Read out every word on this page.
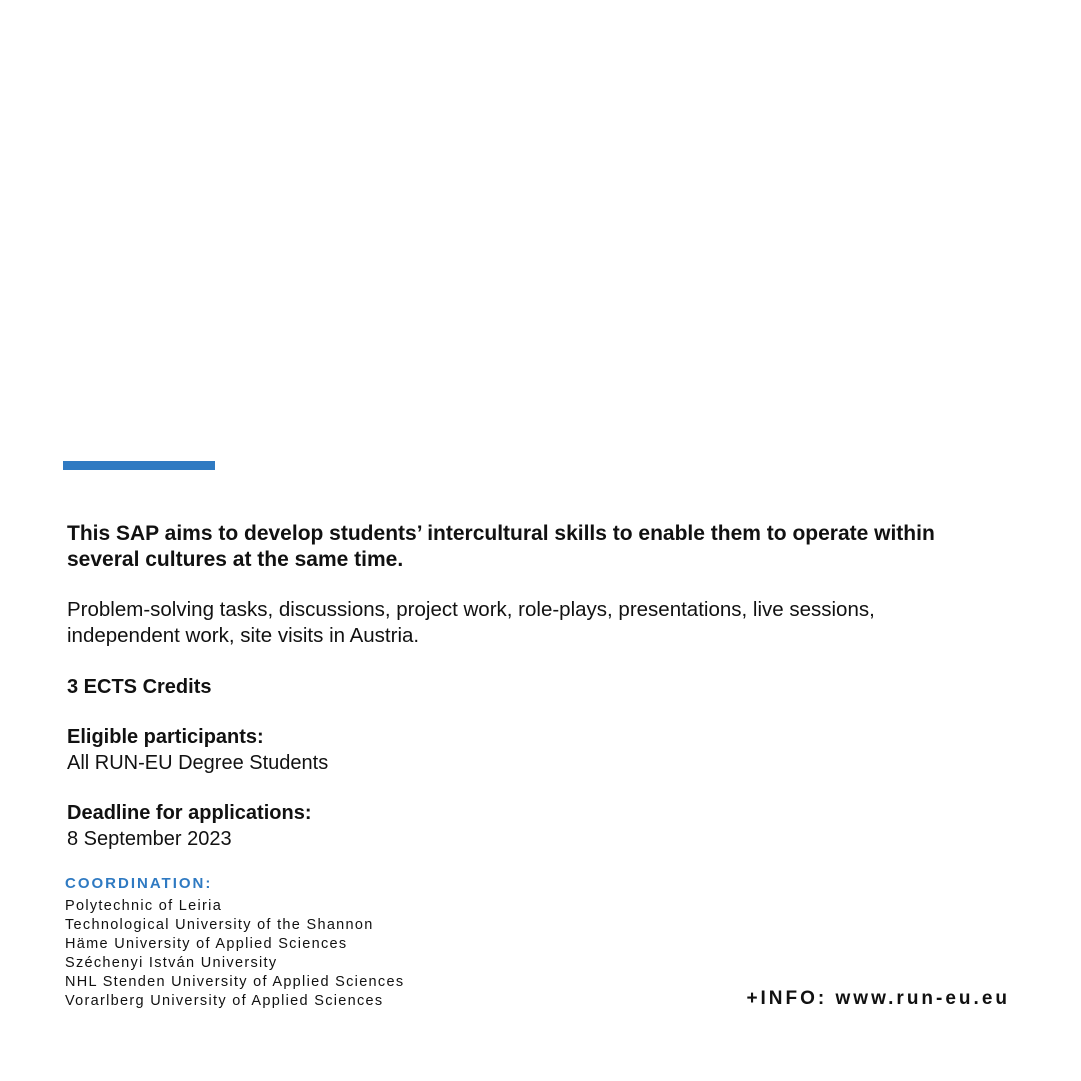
This SAP aims to develop students’ intercultural skills to enable them to operate within several cultures at the same time.

Problem-solving tasks, discussions, project work, role-plays, presentations, live sessions, independent work, site visits in Austria.

3 ECTS Credits

Eligible participants:

All RUN-EU Degree Students

Deadline for applications:

8 September 2023

COORDINATION:

Polytechnic of Leiria
Technological University of the Shannon
Häme University of Applied Sciences
Széchenyi István University
NHL Stenden University of Applied Sciences
Vorarlberg University of Applied Sciences	+INFO: www.run-eu.eu
